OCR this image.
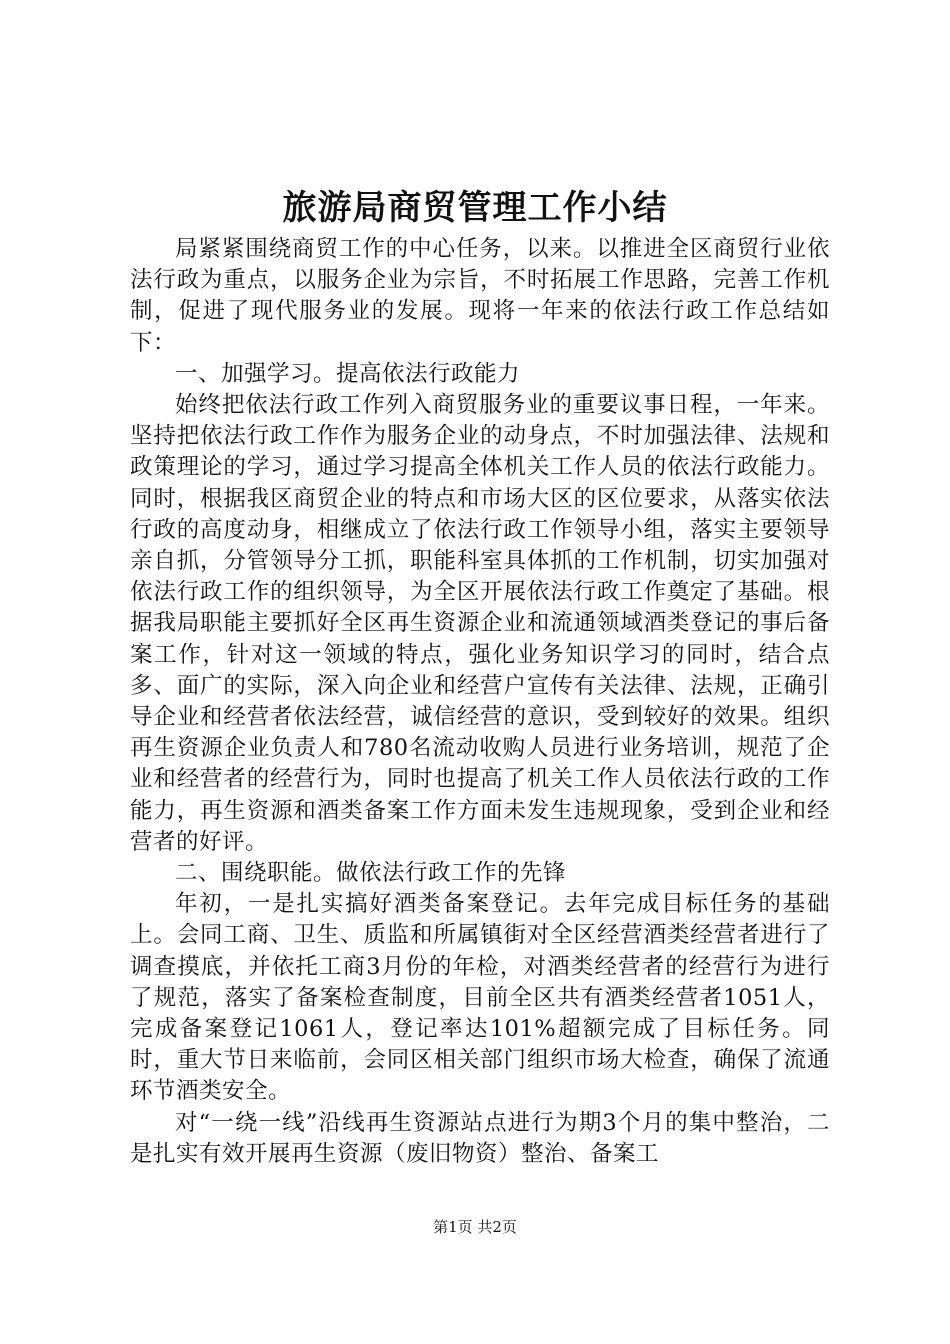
旅游局商贸管理工作小结

局紧紧围绕商贸工作的中心任务，以来。以推进全区商贸行业依法行政为重点，以服务企业为宗旨，不时拓展工作思路，完善工作机制，促进了现代服务业的发展。现将一年来的依法行政工作总结如下：

一、加强学习。提高依法行政能力

始终把依法行政工作列入商贸服务业的重要议事日程，一年来。坚持把依法行政工作作为服务企业的动身点，不时加强法律、法规和政策理论的学习，通过学习提高全体机关工作人员的依法行政能力。同时，根据我区商贸企业的特点和市场大区的区位要求，从落实依法行政的高度动身，相继成立了依法行政工作领导小组，落实主要领导亲自抓，分管领导分工抓，职能科室具体抓的工作机制，切实加强对依法行政工作的组织领导，为全区开展依法行政工作奠定了基础。根据我局职能主要抓好全区再生资源企业和流通领域酒类登记的事后备案工作，针对这一领域的特点，强化业务知识学习的同时，结合点多、面广的实际，深入向企业和经营户宣传有关法律、法规，正确引导企业和经营者依法经营，诚信经营的意识，受到较好的效果。组织再生资源企业负责人和780名流动收购人员进行业务培训，规范了企业和经营者的经营行为，同时也提高了机关工作人员依法行政的工作能力，再生资源和酒类备案工作方面未发生违规现象，受到企业和经营者的好评。

二、围绕职能。做依法行政工作的先锋

年初，一是扎实搞好酒类备案登记。去年完成目标任务的基础上。会同工商、卫生、质监和所属镇街对全区经营酒类经营者进行了调查摸底，并依托工商3月份的年检，对酒类经营者的经营行为进行了规范，落实了备案检查制度，目前全区共有酒类经营者1051人，完成备案登记1061人，登记率达101%超额完成了目标任务。同时，重大节日来临前，会同区相关部门组织市场大检查，确保了流通环节酒类安全。

对“一绕一线”沿线再生资源站点进行为期3个月的集中整治，二是扎实有效开展再生资源（废旧物资）整治、备案工

第1页 共2页
